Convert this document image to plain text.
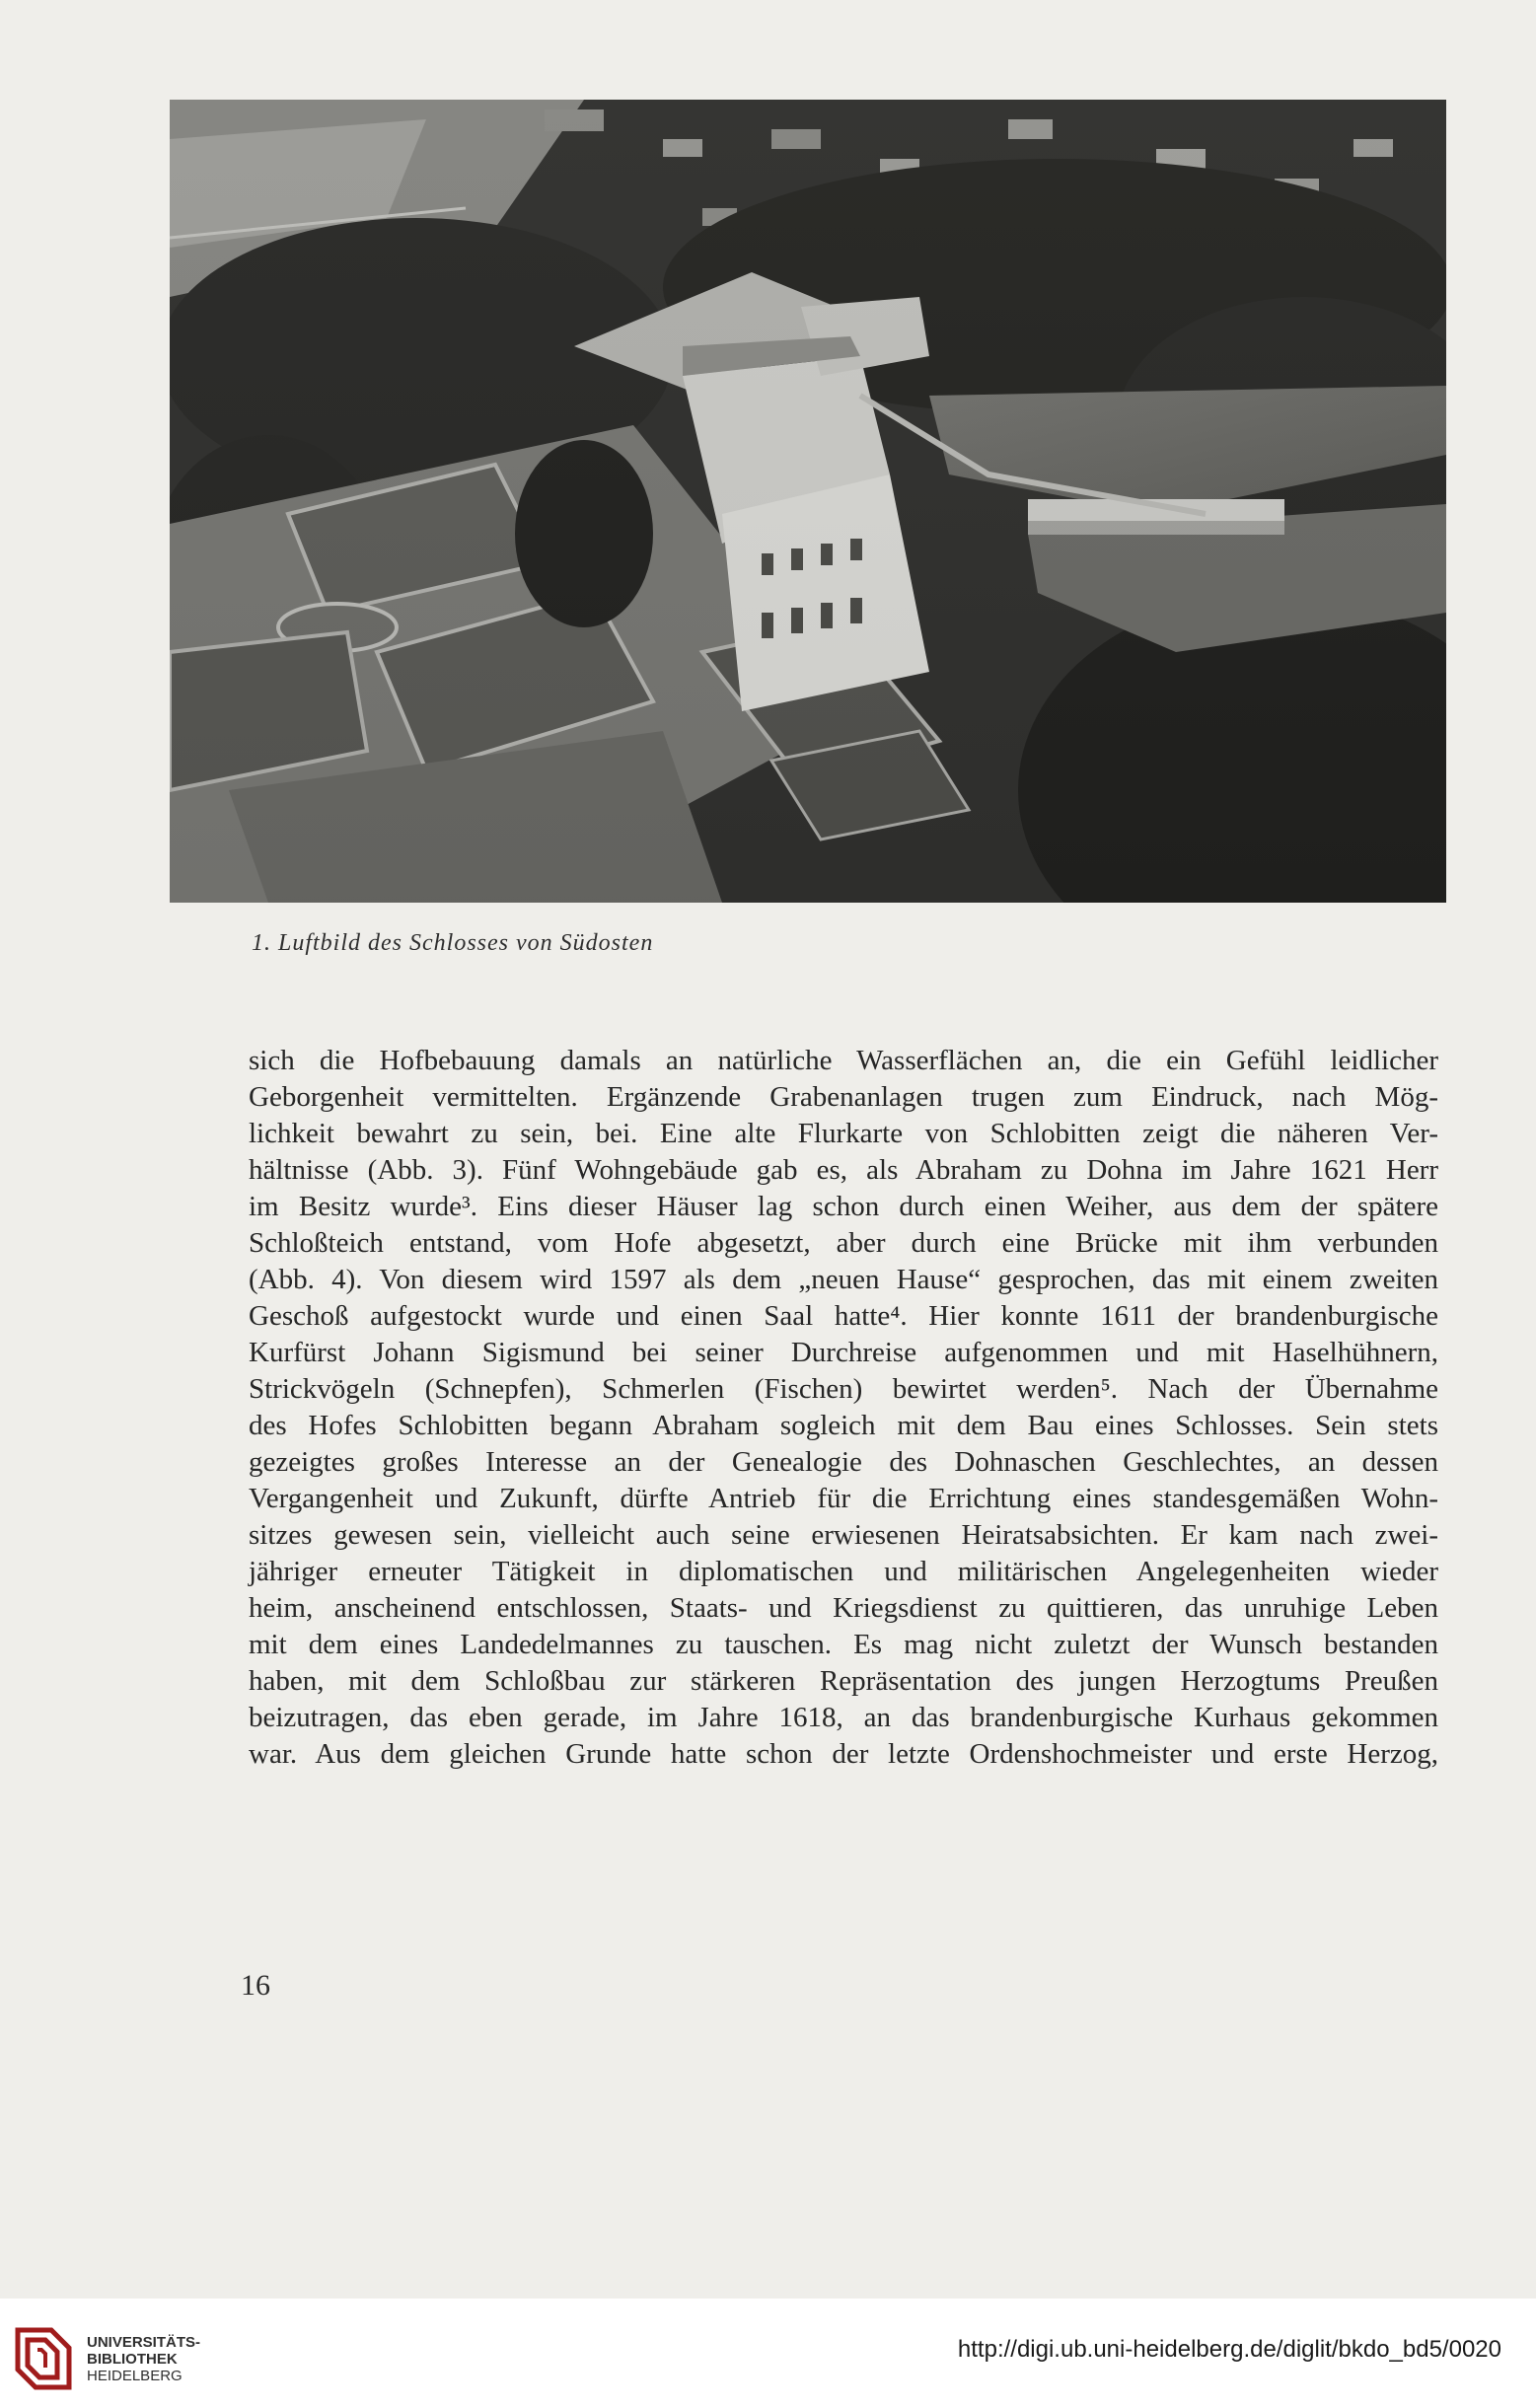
1. Luftbild des Schlosses von Südosten
sich die Hofbebauung damals an natürliche Wasserflächen an, die ein Gefühl leidlicher
Geborgenheit vermittelten. Ergänzende Grabenanlagen trugen zum Eindruck, nach Mög-
lichkeit bewahrt zu sein, bei. Eine alte Flurkarte von Schlobitten zeigt die näheren Ver-
hältnisse (Abb. 3). Fünf Wohngebäude gab es, als Abraham zu Dohna im Jahre 1621 Herr
im Besitz wurde³. Eins dieser Häuser lag schon durch einen Weiher, aus dem der spätere
Schloßteich entstand, vom Hofe abgesetzt, aber durch eine Brücke mit ihm verbunden
(Abb. 4). Von diesem wird 1597 als dem „neuen Hause“ gesprochen, das mit einem zweiten
Geschoß aufgestockt wurde und einen Saal hatte⁴. Hier konnte 1611 der brandenburgische
Kurfürst Johann Sigismund bei seiner Durchreise aufgenommen und mit Haselhühnern,
Strickvögeln (Schnepfen), Schmerlen (Fischen) bewirtet werden⁵. Nach der Übernahme
des Hofes Schlobitten begann Abraham sogleich mit dem Bau eines Schlosses. Sein stets
gezeigtes großes Interesse an der Genealogie des Dohnaschen Geschlechtes, an dessen
Vergangenheit und Zukunft, dürfte Antrieb für die Errichtung eines standesgemäßen Wohn-
sitzes gewesen sein, vielleicht auch seine erwiesenen Heiratsabsichten. Er kam nach zwei-
jähriger erneuter Tätigkeit in diplomatischen und militärischen Angelegenheiten wieder
heim, anscheinend entschlossen, Staats- und Kriegsdienst zu quittieren, das unruhige Leben
mit dem eines Landedelmannes zu tauschen. Es mag nicht zuletzt der Wunsch bestanden
haben, mit dem Schloßbau zur stärkeren Repräsentation des jungen Herzogtums Preußen
beizutragen, das eben gerade, im Jahre 1618, an das brandenburgische Kurhaus gekommen
war. Aus dem gleichen Grunde hatte schon der letzte Ordenshochmeister und erste Herzog,
16
UNIVERSITÄTS-
BIBLIOTHEK
HEIDELBERG
http://digi.ub.uni-heidelberg.de/diglit/bkdo_bd5/0020
